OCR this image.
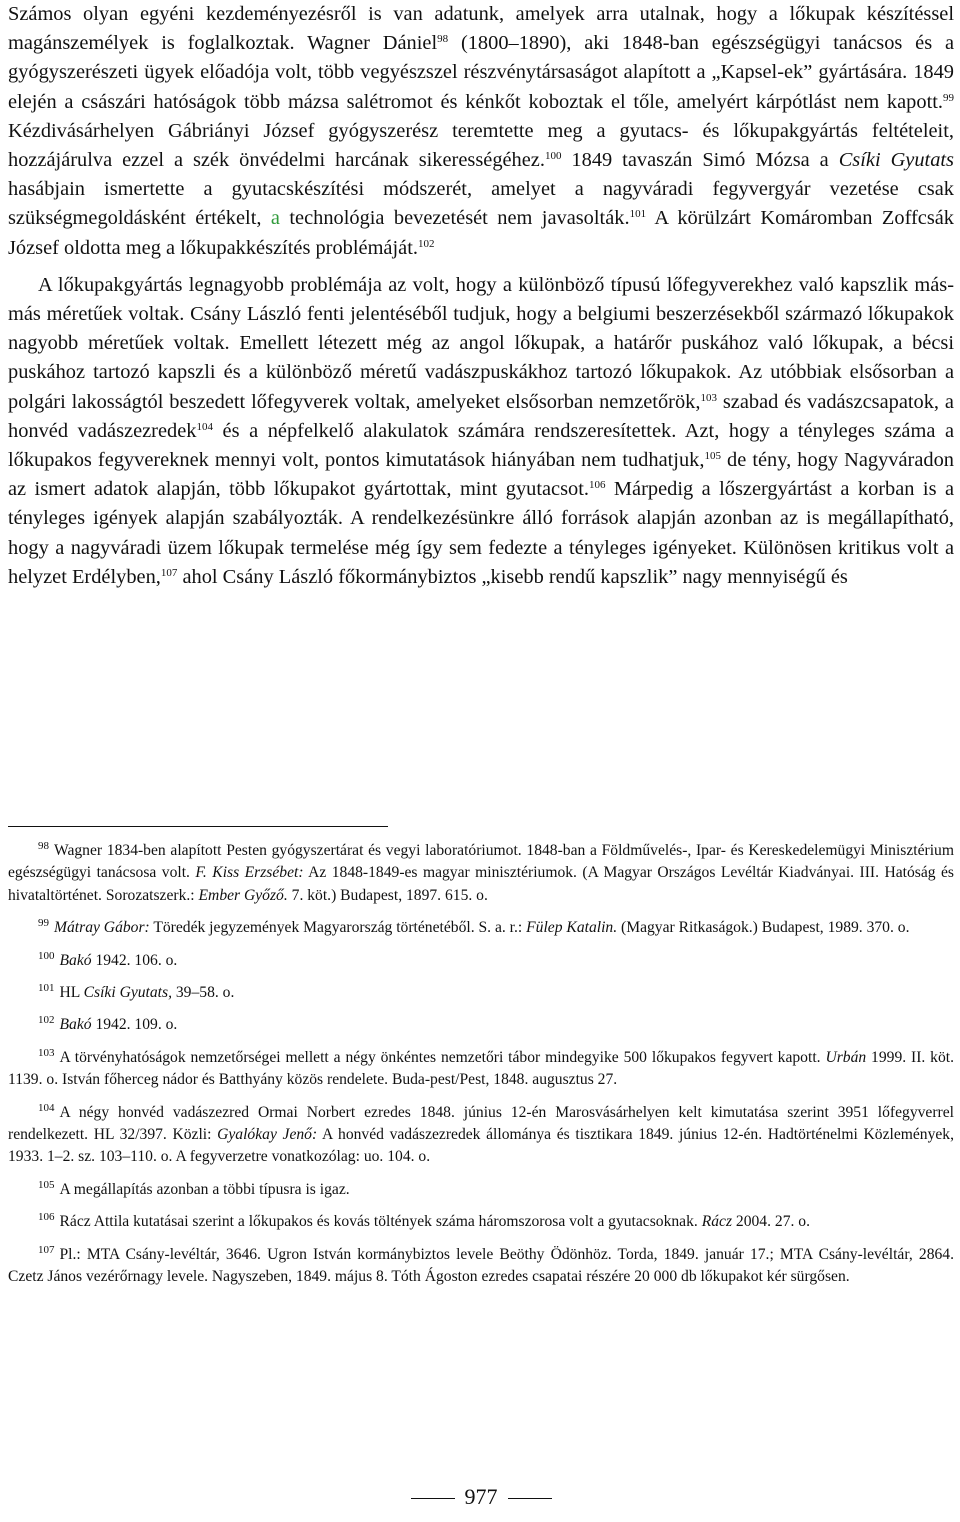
Számos olyan egyéni kezdeményezésről is van adatunk, amelyek arra utalnak, hogy a lőkupak készítéssel magánszemélyek is foglalkoztak. Wagner Dániel$^{98}$ (1800–1890), aki 1848-ban egészségügyi tanácsos és a gyógyszerészeti ügyek előadója volt, több vegyészszel részvénytársaságot alapított a „Kapsel-ek” gyártására. 1849 elején a császári hatóságok több mázsa salétromot és kénkőt koboztak el tőle, amelyért kárpótlást nem kapott.$^{99}$ Kézdivásárhelyen Gábriányi József gyógyszerész teremtette meg a gyutacs- és lőkupakgyártás feltételeit, hozzájárulva ezzel a szék önvédelmi harcának sikerességéhez.$^{100}$ 1849 tavaszán Simó Mózsa a Csíki Gyutats hasábjain ismertette a gyutacskészítési módszerét, amelyet a nagyváradi fegyvergyár vezetése csak szükségmegoldásként értékelt, a technológia bevezetését nem javasolták.$^{101}$ A körülzárt Komáromban Zoffcsák József oldotta meg a lőkupakkészítés problémáját.$^{102}$

A lőkupakgyártás legnagyobb problémája az volt, hogy a különböző típusú lőfegyverekhez való kapszlik más-más méretűek voltak. Csány László fenti jelentéséből tudjuk, hogy a belgiumi beszerzésekből származó lőkupakok nagyobb méretűek voltak. Emellett létezett még az angol lőkupak, a határőr puskához való lőkupak, a bécsi puskához tartozó kapszli és a különböző méretű vadászpuskákhoz tartozó lőkupakok. Az utóbbiak elsősorban a polgári lakosságtól beszedett lőfegyverek voltak, amelyeket elsősorban nemzetőrök,$^{103}$ szabad és vadászcsapatok, a honvéd vadászezredek$^{104}$ és a népfelkelő alakulatok számára rendszeresítettek. Azt, hogy a tényleges száma a lőkupakos fegyvereknek mennyi volt, pontos kimutatások hiányában nem tudhatjuk,$^{105}$ de tény, hogy Nagyváradon az ismert adatok alapján, több lőkupakot gyártottak, mint gyutacsot.$^{106}$ Márpedig a lőszergyártást a korban is a tényleges igények alapján szabályozták. A rendelkezésünkre álló források alapján azonban az is megállapítható, hogy a nagyváradi üzem lőkupak termelése még így sem fedezte a tényleges igényeket. Különösen kritikus volt a helyzet Erdélyben,$^{107}$ ahol Csány László főkormánybiztos „kisebb rendű kapszlik” nagy mennyiségű és

$^{98}$ Wagner 1834-ben alapított Pesten gyógyszertárat és vegyi laboratóriumot. 1848-ban a Földművelés-, Ipar- és Kereskedelemügyi Minisztérium egészségügyi tanácsosa volt. F. Kiss Erzsébet: Az 1848-1849-es magyar minisztériumok. (A Magyar Országos Levéltár Kiadványai. III. Hatóság és hivataltörténet. Sorozatszerk.: Ember Győző. 7. köt.) Budapest, 1897. 615. o.

$^{99}$ Mátray Gábor: Töredék jegyzemények Magyarország történetéből. S. a. r.: Fülep Katalin. (Magyar Ritkaságok.) Budapest, 1989. 370. o.

$^{100}$ Bakó 1942. 106. o.

$^{101}$ HL Csíki Gyutats, 39–58. o.

$^{102}$ Bakó 1942. 109. o.

$^{103}$ A törvényhatóságok nemzetőrségei mellett a négy önkéntes nemzetőri tábor mindegyike 500 lőkupakos fegyvert kapott. Urbán 1999. II. köt. 1139. o. István főherceg nádor és Batthyány közös rendelete. Buda-pest/Pest, 1848. augusztus 27.

$^{104}$ A négy honvéd vadászezred Ormai Norbert ezredes 1848. június 12-én Marosvásárhelyen kelt kimutatása szerint 3951 lőfegyverrel rendelkezett. HL 32/397. Közli: Gyalókay Jenő: A honvéd vadászezredek állománya és tisztikara 1849. június 12-én. Hadtörténelmi Közlemények, 1933. 1–2. sz. 103–110. o. A fegyverzetre vonatkozólag: uo. 104. o.

$^{105}$ A megállapítás azonban a többi típusra is igaz.

$^{106}$ Rácz Attila kutatásai szerint a lőkupakos és kovás töltények száma háromszorosa volt a gyutacsoknak. Rácz 2004. 27. o.

$^{107}$ Pl.: MTA Csány-levéltár, 3646. Ugron István kormánybiztos levele Beöthy Ödönhöz. Torda, 1849. január 17.; MTA Csány-levéltár, 2864. Czetz János vezérőrnagy levele. Nagyszeben, 1849. május 8. Tóth Ágoston ezredes csapatai részére 20 000 db lőkupakot kér sürgősen.

977
